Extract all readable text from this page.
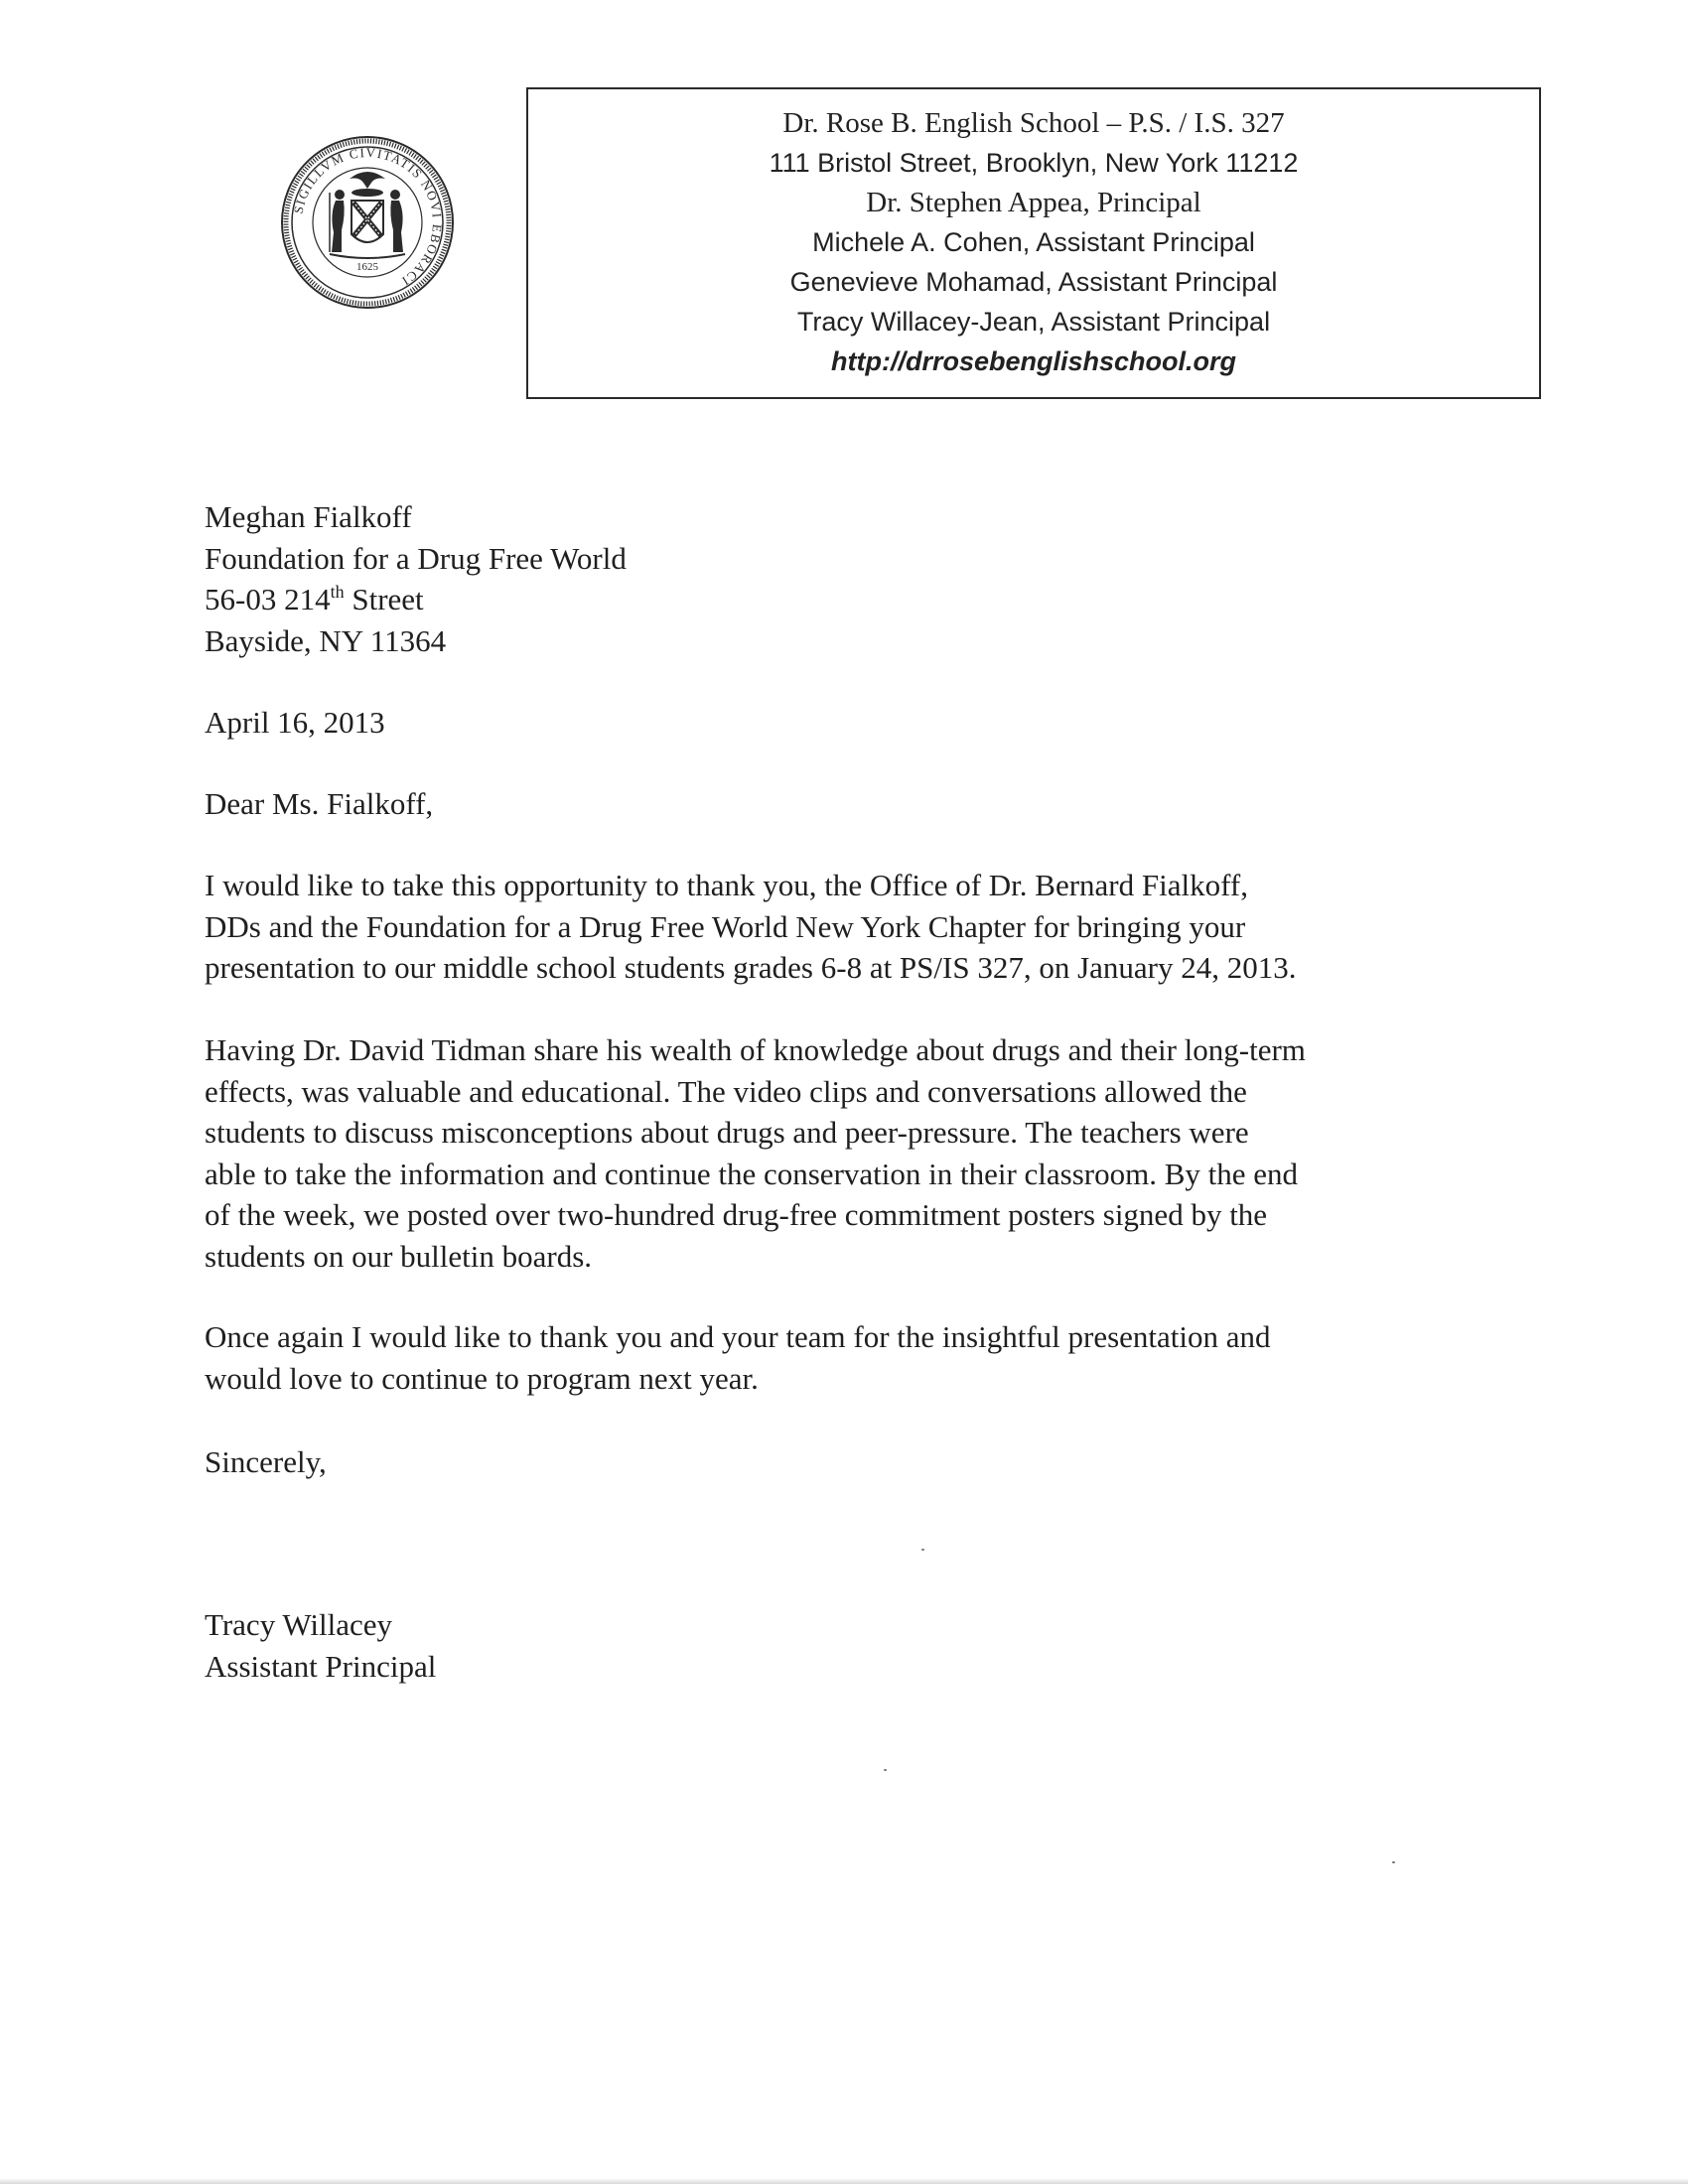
SIGILLVM CIVITATIS NOVI EBORACI
1625
Dr. Rose B. English School – P.S. / I.S. 327
111 Bristol Street, Brooklyn, New York 11212
Dr. Stephen Appea, Principal
Michele A. Cohen, Assistant Principal
Genevieve Mohamad, Assistant Principal
Tracy Willacey-Jean, Assistant Principal
http://drrosebenglishschool.org
Meghan Fialkoff
Foundation for a Drug Free World
56-03 214th Street
Bayside, NY 11364
April 16, 2013
Dear Ms. Fialkoff,

I would like to take this opportunity to thank you, the Office of Dr. Bernard Fialkoff,
DDs and the Foundation for a Drug Free World New York Chapter for bringing your
presentation to our middle school students grades 6-8 at PS/IS 327, on January 24, 2013.

Having Dr. David Tidman share his wealth of knowledge about drugs and their long-term
effects, was valuable and educational. The video clips and conversations allowed the
students to discuss misconceptions about drugs and peer-pressure. The teachers were
able to take the information and continue the conservation in their classroom. By the end
of the week, we posted over two-hundred drug-free commitment posters signed by the
students on our bulletin boards.

Once again I would like to thank you and your team for the insightful presentation and
would love to continue to program next year.

Sincerely,
Tracy Willacey
Assistant Principal
